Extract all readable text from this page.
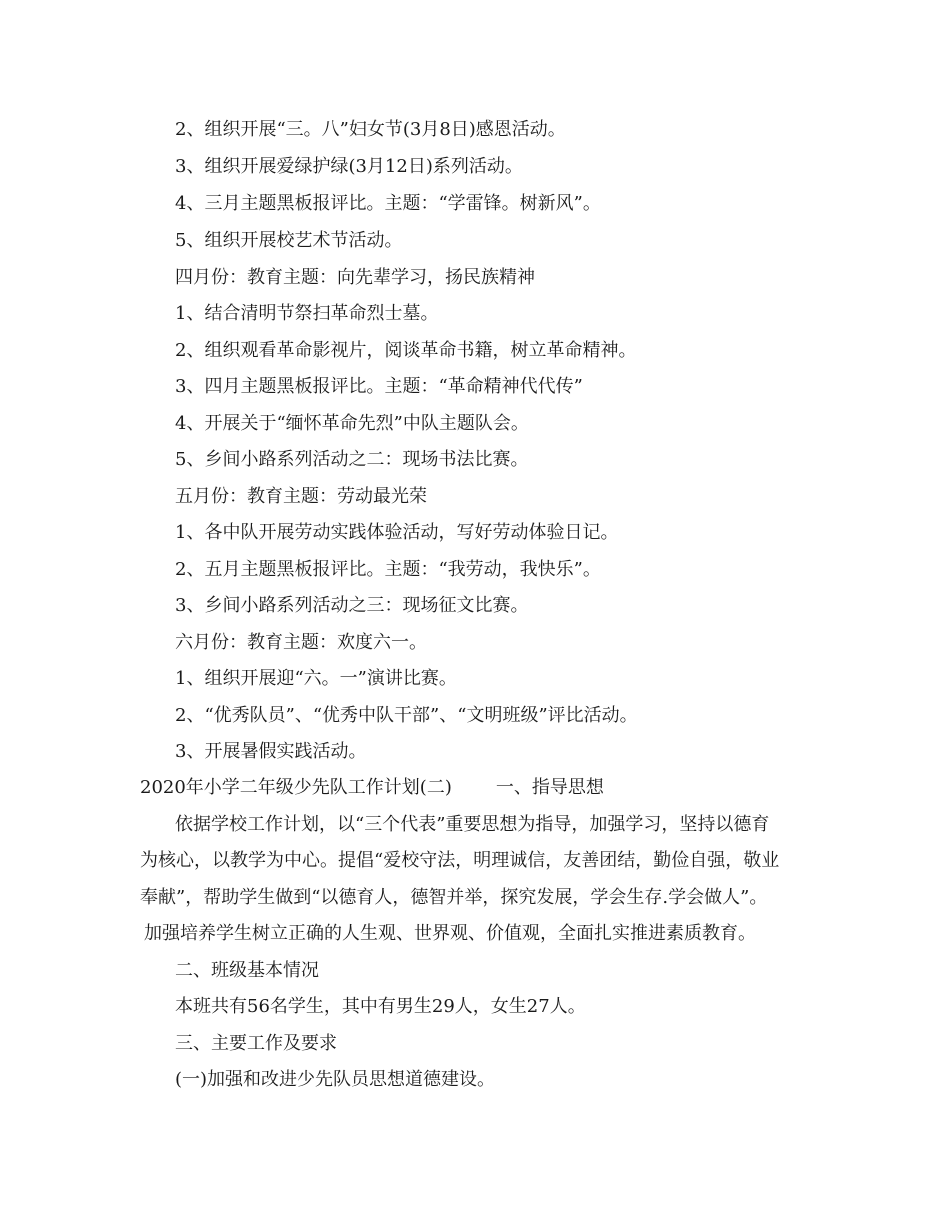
2、组织开展“三。八”妇女节(3月8日)感恩活动。
3、组织开展爱绿护绿(3月12日)系列活动。
4、三月主题黑板报评比。主题：“学雷锋。树新风”。
5、组织开展校艺术节活动。
四月份：教育主题：向先辈学习，扬民族精神
1、结合清明节祭扫革命烈士墓。
2、组织观看革命影视片，阅谈革命书籍，树立革命精神。
3、四月主题黑板报评比。主题：“革命精神代代传”
4、开展关于“缅怀革命先烈”中队主题队会。
5、乡间小路系列活动之二：现场书法比赛。
五月份：教育主题：劳动最光荣
1、各中队开展劳动实践体验活动，写好劳动体验日记。
2、五月主题黑板报评比。主题：“我劳动，我快乐”。
3、乡间小路系列活动之三：现场征文比赛。
六月份：教育主题：欢度六一。
1、组织开展迎“六。一”演讲比赛。
2、“优秀队员”、“优秀中队干部”、“文明班级”评比活动。
3、开展暑假实践活动。
2020年小学二年级少先队工作计划(二) 一、指导思想
依据学校工作计划，以“三个代表”重要思想为指导，加强学习，坚持以德育
为核心，以教学为中心。提倡“爱校守法，明理诚信，友善团结，勤俭自强，敬业
奉献”，帮助学生做到“以德育人，德智并举，探究发展，学会生存.学会做人”。
加强培养学生树立正确的人生观、世界观、价值观，全面扎实推进素质教育。
二、班级基本情况
本班共有56名学生，其中有男生29人，女生27人。
三、主要工作及要求
(一)加强和改进少先队员思想道德建设。
